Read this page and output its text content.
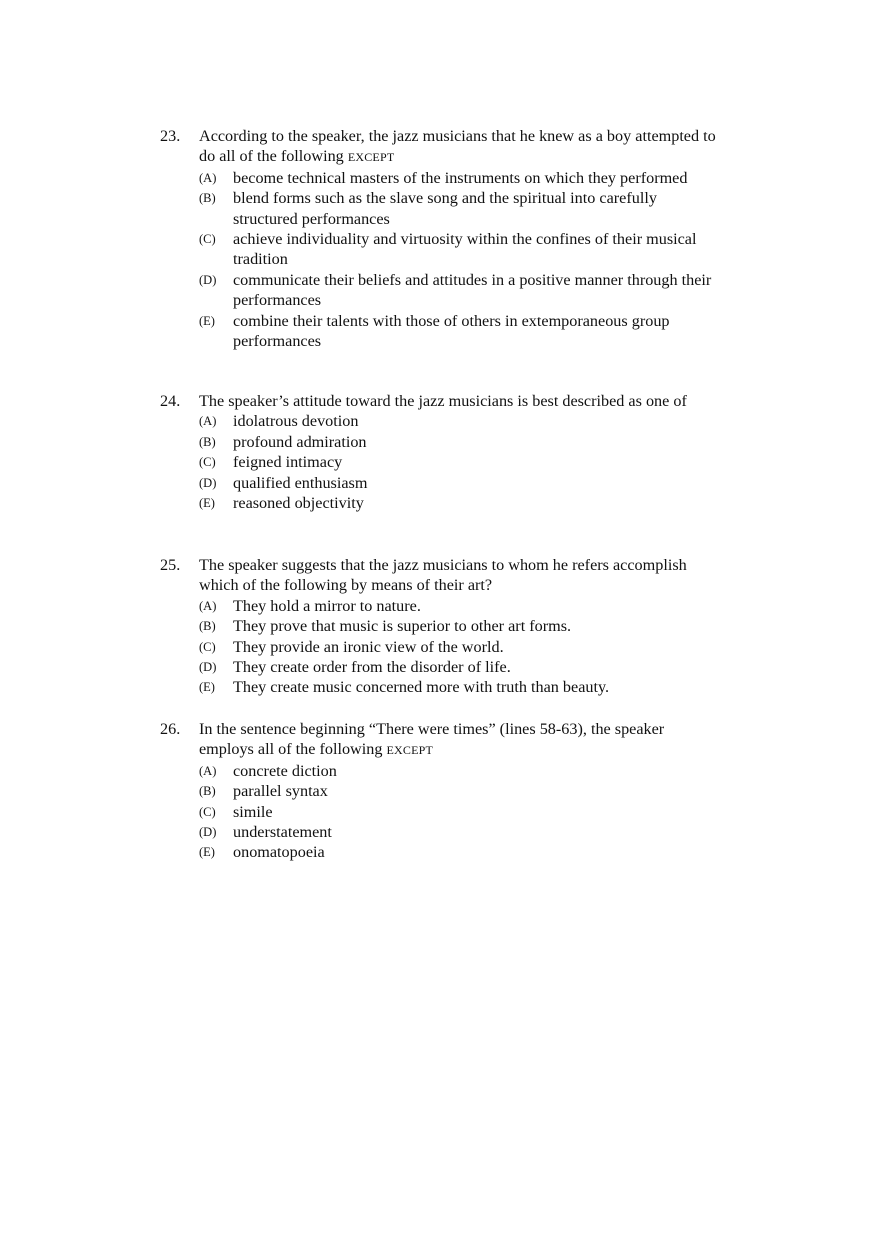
23. According to the speaker, the jazz musicians that he knew as a boy attempted to do all of the following EXCEPT
(A) become technical masters of the instruments on which they performed
(B) blend forms such as the slave song and the spiritual into carefully structured performances
(C) achieve individuality and virtuosity within the confines of their musical tradition
(D) communicate their beliefs and attitudes in a positive manner through their performances
(E) combine their talents with those of others in extemporaneous group performances
24. The speaker’s attitude toward the jazz musicians is best described as one of
(A) idolatrous devotion
(B) profound admiration
(C) feigned intimacy
(D) qualified enthusiasm
(E) reasoned objectivity
25. The speaker suggests that the jazz musicians to whom he refers accomplish which of the following by means of their art?
(A) They hold a mirror to nature.
(B) They prove that music is superior to other art forms.
(C) They provide an ironic view of the world.
(D) They create order from the disorder of life.
(E) They create music concerned more with truth than beauty.
26. In the sentence beginning “There were times” (lines 58-63), the speaker employs all of the following EXCEPT
(A) concrete diction
(B) parallel syntax
(C) simile
(D) understatement
(E) onomatopoeia
